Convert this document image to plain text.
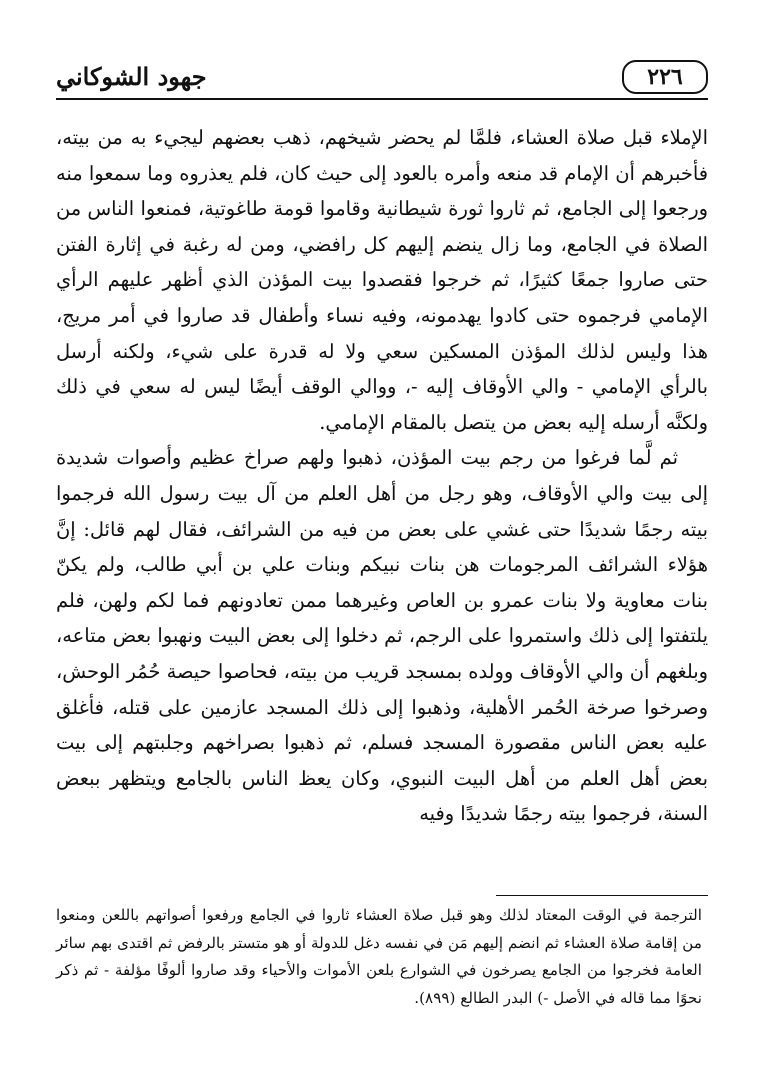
٢٢٦
جهود الشوكاني

الإملاء قبل صلاة العشاء، فلمَّا لم يحضر شيخهم، ذهب بعضهم ليجيء به من بيته، فأخبرهم أن الإمام قد منعه وأمره بالعود إلى حيث كان، فلم يعذروه وما سمعوا منه ورجعوا إلى الجامع، ثم ثاروا ثورة شيطانية وقاموا قومة طاغوتية، فمنعوا الناس من الصلاة في الجامع، وما زال ينضم إليهم كل رافضي، ومن له رغبة في إثارة الفتن حتى صاروا جمعًا كثيرًا، ثم خرجوا فقصدوا بيت المؤذن الذي أظهر عليهم الرأي الإمامي فرجموه حتى كادوا يهدمونه، وفيه نساء وأطفال قد صاروا في أمر مريج، هذا وليس لذلك المؤذن المسكين سعي ولا له قدرة على شيء، ولكنه أرسل بالرأي الإمامي - والي الأوقاف إليه -، ووالي الوقف أيضًا ليس له سعي في ذلك ولكنَّه أرسله إليه بعض من يتصل بالمقام الإمامي.

ثم لَّما فرغوا من رجم بيت المؤذن، ذهبوا ولهم صراخ عظيم وأصوات شديدة إلى بيت والي الأوقاف، وهو رجل من أهل العلم من آل بيت رسول الله فرجموا بيته رجمًا شديدًا حتى غشي على بعض من فيه من الشرائف، فقال لهم قائل: إنَّ هؤلاء الشرائف المرجومات هن بنات نبيكم وبنات علي بن أبي طالب، ولم يكنّ بنات معاوية ولا بنات عمرو بن العاص وغيرهما ممن تعادونهم فما لكم ولهن، فلم يلتفتوا إلى ذلك واستمروا على الرجم، ثم دخلوا إلى بعض البيت ونهبوا بعض متاعه، وبلغهم أن والي الأوقاف وولده بمسجد قريب من بيته، فحاصوا حيصة حُمُر الوحش، وصرخوا صرخة الحُمر الأهلية، وذهبوا إلى ذلك المسجد عازمين على قتله، فأغلق عليه بعض الناس مقصورة المسجد فسلم، ثم ذهبوا بصراخهم وجلبتهم إلى بيت بعض أهل العلم من أهل البيت النبوي، وكان يعظ الناس بالجامع ويتظهر ببعض السنة، فرجموا بيته رجمًا شديدًا وفيه

الترجمة في الوقت المعتاد لذلك وهو قبل صلاة العشاء ثاروا في الجامع ورفعوا أصواتهم باللعن ومنعوا من إقامة صلاة العشاء ثم انضم إليهم مَن في نفسه دغل للدولة أو هو متستر بالرفض ثم اقتدى بهم سائر العامة فخرجوا من الجامع يصرخون في الشوارع بلعن الأموات والأحياء وقد صاروا ألوفًا مؤلفة - ثم ذكر نحوًا مما قاله في الأصل -) البدر الطالع (٨٩٩).
